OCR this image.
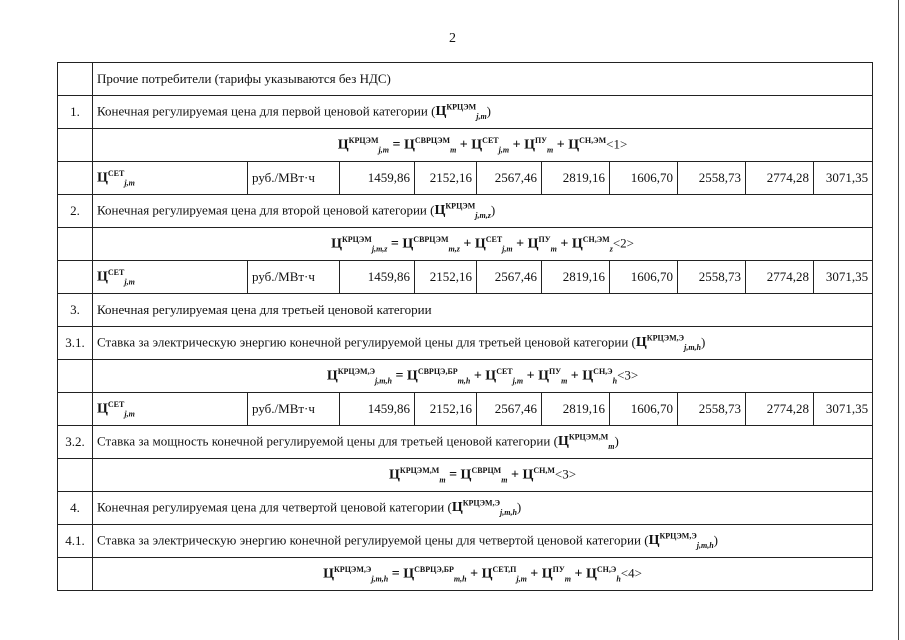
2
	Прочие потребители (тарифы указываются без НДС)									
1.	Конечная регулируемая цена для первой ценовой категории $(Ц^{КРЦЭМ}_{j,m})$									
	$Ц^{КРЦЭМ}_{j,m} = Ц^{СВРЦЭМ}_m + Ц^{СЕТ}_{j,m} + Ц^{ПУ}_m + Ц^{СН,ЭМ}<1>$									
	$Ц^{СЕТ}_{j,m}$	руб./МВт·ч	1459,86	2152,16	2567,46	2819,16	1606,70	2558,73	2774,28	3071,35
2.	Конечная регулируемая цена для второй ценовой категории $(Ц^{КРЦЭМ}_{j,m,z})$									
	$Ц^{КРЦЭМ}_{j,m,z} = Ц^{СВРЦЭМ}_{m,z} + Ц^{СЕТ}_{j,m} + Ц^{ПУ}_m + Ц^{СН,ЭМ}_z<2>$									
	$Ц^{СЕТ}_{j,m}$	руб./МВт·ч	1459,86	2152,16	2567,46	2819,16	1606,70	2558,73	2774,28	3071,35
3.	Конечная регулируемая цена для третьей ценовой категории									
3.1.	Ставка за электрическую энергию конечной регулируемой цены для третьей ценовой категории $(Ц^{КРЦЭМ,Э}_{j,m,h})$									
	$Ц^{КРЦЭМ,Э}_{j,m,h} = Ц^{СВРЦЭ,БР}_{m,h} + Ц^{СЕТ}_{j,m} + Ц^{ПУ}_m + Ц^{СН,Э}_h<3>$									
	$Ц^{СЕТ}_{j,m}$	руб./МВт·ч	1459,86	2152,16	2567,46	2819,16	1606,70	2558,73	2774,28	3071,35
3.2.	Ставка за мощность конечной регулируемой цены для третьей ценовой категории $(Ц^{КРЦЭМ,М}_m)$									
	$Ц^{КРЦЭМ,М}_m = Ц^{СВРЦМ}_m + Ц^{СН,М}<3>$									
4.	Конечная регулируемая цена для четвертой ценовой категории $(Ц^{КРЦЭМ,Э}_{j,m,h})$									
4.1.	Ставка за электрическую энергию конечной регулируемой цены для четвертой ценовой категории $(Ц^{КРЦЭМ,Э}_{j,m,h})$									
	$Ц^{КРЦЭМ,Э}_{j,m,h} = Ц^{СВРЦЭ,БР}_{m,h} + Ц^{СЕТ,П}_{j,m} + Ц^{ПУ}_m + Ц^{СН,Э}_h<4>$									
